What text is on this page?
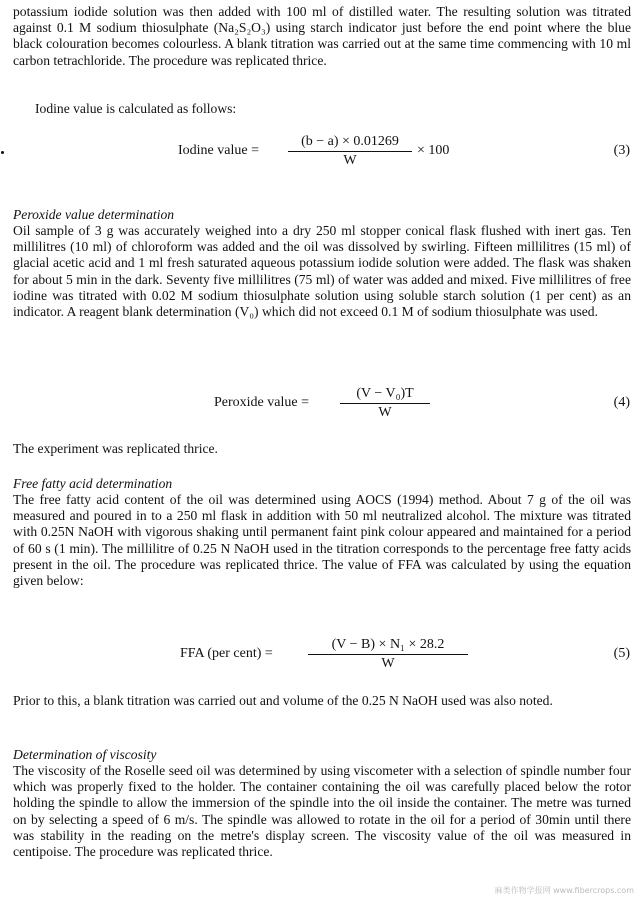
potassium iodide solution was then added with 100 ml of distilled water. The resulting solution was titrated against 0.1 M sodium thiosulphate (Na₂S₂O₃) using starch indicator just before the end point where the blue black colouration becomes colourless. A blank titration was carried out at the same time commencing with 10 ml carbon tetrachloride. The procedure was replicated thrice.

Iodine value is calculated as follows:

Iodine value =
(b − a) × 0.01269
W
× 100	(3)

Peroxide value determination

Oil sample of 3 g was accurately weighed into a dry 250 ml stopper conical flask flushed with inert gas. Ten millilitres (10 ml) of chloroform was added and the oil was dissolved by swirling. Fifteen millilitres (15 ml) of glacial acetic acid and 1 ml fresh saturated aqueous potassium iodide solution were added. The flask was shaken for about 5 min in the dark. Seventy five millilitres (75 ml) of water was added and mixed. Five millilitres of free iodine was titrated with 0.02 M sodium thiosulphate solution using soluble starch solution (1 per cent) as an indicator. A reagent blank determination (V₀) which did not exceed 0.1 M of sodium thiosulphate was used.

Peroxide value =
(V − V₀)T
W
(4)

The experiment was replicated thrice.

Free fatty acid determination

The free fatty acid content of the oil was determined using AOCS (1994) method. About 7 g of the oil was measured and poured in to a 250 ml flask in addition with 50 ml neutralized alcohol. The mixture was titrated with 0.25N NaOH with vigorous shaking until permanent faint pink colour appeared and maintained for a period of 60 s (1 min). The millilitre of 0.25 N NaOH used in the titration corresponds to the percentage free fatty acids present in the oil. The procedure was replicated thrice. The value of FFA was calculated by using the equation given below:

FFA (per cent) =
(V − B) × N₁ × 28.2
W
(5)

Prior to this, a blank titration was carried out and volume of the 0.25 N NaOH used was also noted.

Determination of viscosity

The viscosity of the Roselle seed oil was determined by using viscometer with a selection of spindle number four which was properly fixed to the holder. The container containing the oil was carefully placed below the rotor holding the spindle to allow the immersion of the spindle into the oil inside the container. The metre was turned on by selecting a speed of 6 m/s. The spindle was allowed to rotate in the oil for a period of 30min until there was stability in the reading on the metre's display screen. The viscosity value of the oil was measured in centipoise. The procedure was replicated thrice.

麻类作物学报网 www.fibercrops.com
